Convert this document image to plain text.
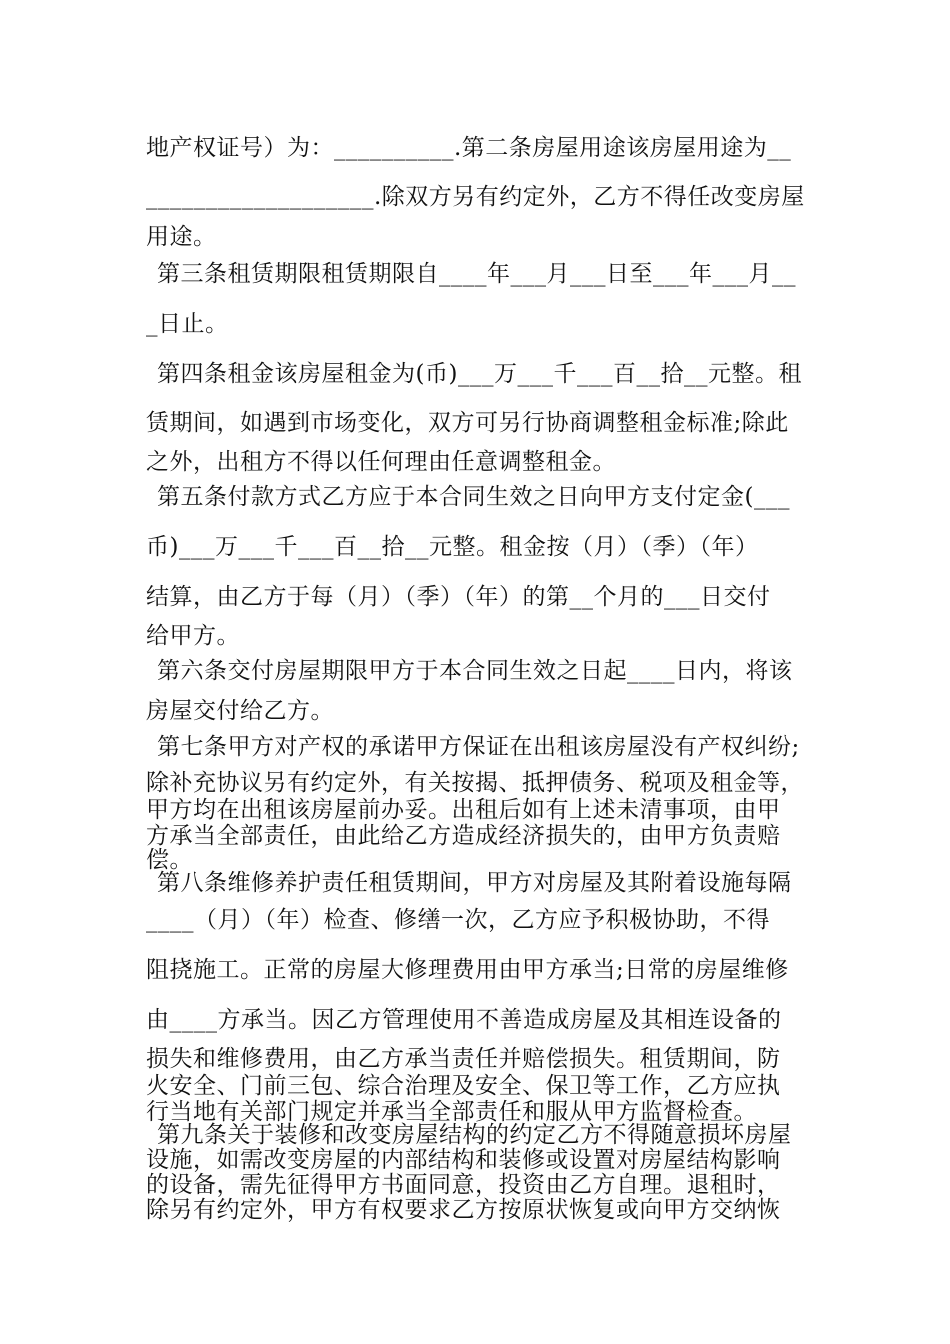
地产权证号）为：__________.第二条房屋用途该房屋用途为__
___________________.除双方另有约定外，乙方不得任改变房屋
用途。
第三条租赁期限租赁期限自____年___月___日至___年___月__
_日止。
第四条租金该房屋租金为(币)___万___千___百__拾__元整。租
赁期间，如遇到市场变化，双方可另行协商调整租金标准;除此
之外，出租方不得以任何理由任意调整租金。
第五条付款方式乙方应于本合同生效之日向甲方支付定金(___
币)___万___千___百__拾__元整。租金按（月）（季）（年）
结算，由乙方于每（月）（季）（年）的第__个月的___日交付
给甲方。
第六条交付房屋期限甲方于本合同生效之日起____日内，将该
房屋交付给乙方。
第七条甲方对产权的承诺甲方保证在出租该房屋没有产权纠纷;
除补充协议另有约定外，有关按揭、抵押债务、税项及租金等，
甲方均在出租该房屋前办妥。出租后如有上述未清事项，由甲
方承当全部责任，由此给乙方造成经济损失的，由甲方负责赔
偿。
第八条维修养护责任租赁期间，甲方对房屋及其附着设施每隔
____（月）（年）检查、修缮一次，乙方应予积极协助，不得
阻挠施工。正常的房屋大修理费用由甲方承当;日常的房屋维修
由____方承当。因乙方管理使用不善造成房屋及其相连设备的
损失和维修费用，由乙方承当责任并赔偿损失。租赁期间，防
火安全、门前三包、综合治理及安全、保卫等工作，乙方应执
行当地有关部门规定并承当全部责任和服从甲方监督检查。
第九条关于装修和改变房屋结构的约定乙方不得随意损坏房屋
设施，如需改变房屋的内部结构和装修或设置对房屋结构影响
的设备，需先征得甲方书面同意，投资由乙方自理。退租时，
除另有约定外，甲方有权要求乙方按原状恢复或向甲方交纳恢
